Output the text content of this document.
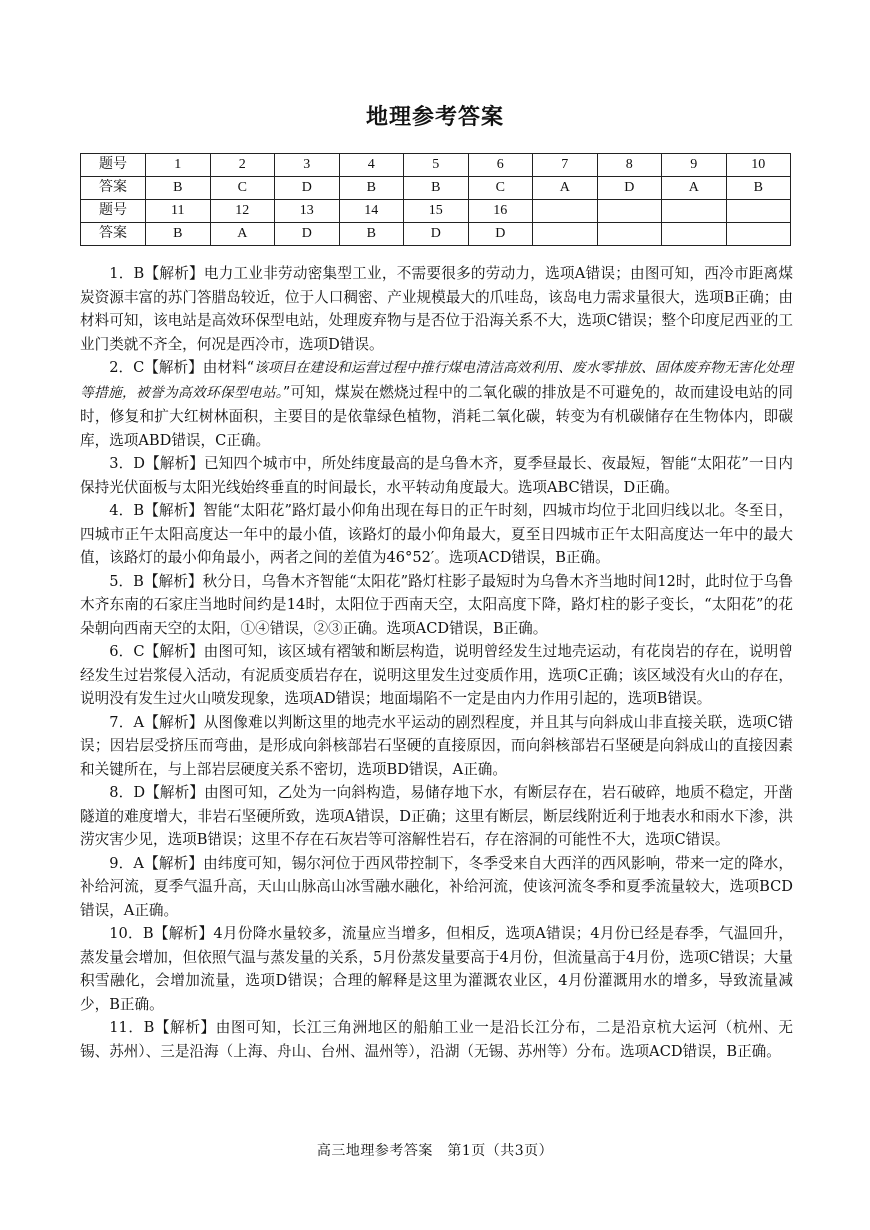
地理参考答案
题号	1	2	3	4	5	6	7	8	9	10
答案	B	C	D	B	B	C	A	D	A	B
题号	11	12	13	14	15	16				
答案	B	A	D	B	D	D				

1．B【解析】电力工业非劳动密集型工业，不需要很多的劳动力，选项A错误；由图可知，西冷市距离煤炭资源丰富的苏门答腊岛较近，位于人口稠密、产业规模最大的爪哇岛，该岛电力需求量很大，选项B正确；由材料可知，该电站是高效环保型电站，处理废弃物与是否位于沿海关系不大，选项C错误；整个印度尼西亚的工业门类就不齐全，何况是西冷市，选项D错误。

2．C【解析】由材料“该项目在建设和运营过程中推行煤电清洁高效利用、废水零排放、固体废弃物无害化处理等措施，被誉为高效环保型电站。”可知，煤炭在燃烧过程中的二氧化碳的排放是不可避免的，故而建设电站的同时，修复和扩大红树林面积，主要目的是依靠绿色植物，消耗二氧化碳，转变为有机碳储存在生物体内，即碳库，选项ABD错误，C正确。

3．D【解析】已知四个城市中，所处纬度最高的是乌鲁木齐，夏季昼最长、夜最短，智能“太阳花”一日内保持光伏面板与太阳光线始终垂直的时间最长，水平转动角度最大。选项ABC错误，D正确。

4．B【解析】智能“太阳花”路灯最小仰角出现在每日的正午时刻，四城市均位于北回归线以北。冬至日，四城市正午太阳高度达一年中的最小值，该路灯的最小仰角最大，夏至日四城市正午太阳高度达一年中的最大值，该路灯的最小仰角最小，两者之间的差值为46°52′。选项ACD错误，B正确。

5．B【解析】秋分日，乌鲁木齐智能“太阳花”路灯柱影子最短时为乌鲁木齐当地时间12时，此时位于乌鲁木齐东南的石家庄当地时间约是14时，太阳位于西南天空，太阳高度下降，路灯柱的影子变长，“太阳花”的花朵朝向西南天空的太阳，①④错误，②③正确。选项ACD错误，B正确。

6．C【解析】由图可知，该区域有褶皱和断层构造，说明曾经发生过地壳运动，有花岗岩的存在，说明曾经发生过岩浆侵入活动，有泥质变质岩存在，说明这里发生过变质作用，选项C正确；该区域没有火山的存在，说明没有发生过火山喷发现象，选项AD错误；地面塌陷不一定是由内力作用引起的，选项B错误。

7．A【解析】从图像难以判断这里的地壳水平运动的剧烈程度，并且其与向斜成山非直接关联，选项C错误；因岩层受挤压而弯曲，是形成向斜核部岩石坚硬的直接原因，而向斜核部岩石坚硬是向斜成山的直接因素和关键所在，与上部岩层硬度关系不密切，选项BD错误，A正确。

8．D【解析】由图可知，乙处为一向斜构造，易储存地下水，有断层存在，岩石破碎，地质不稳定，开凿隧道的难度增大，非岩石坚硬所致，选项A错误，D正确；这里有断层，断层线附近利于地表水和雨水下渗，洪涝灾害少见，选项B错误；这里不存在石灰岩等可溶解性岩石，存在溶洞的可能性不大，选项C错误。

9．A【解析】由纬度可知，锡尔河位于西风带控制下，冬季受来自大西洋的西风影响，带来一定的降水，补给河流，夏季气温升高，天山山脉高山冰雪融水融化，补给河流，使该河流冬季和夏季流量较大，选项BCD错误，A正确。

10．B【解析】4月份降水量较多，流量应当增多，但相反，选项A错误；4月份已经是春季，气温回升，蒸发量会增加，但依照气温与蒸发量的关系，5月份蒸发量要高于4月份，但流量高于4月份，选项C错误；大量积雪融化，会增加流量，选项D错误；合理的解释是这里为灌溉农业区，4月份灌溉用水的增多，导致流量减少，B正确。

11．B【解析】由图可知，长江三角洲地区的船舶工业一是沿长江分布，二是沿京杭大运河（杭州、无锡、苏州）、三是沿海（上海、舟山、台州、温州等），沿湖（无锡、苏州等）分布。选项ACD错误，B正确。

高三地理参考答案　第1页（共3页）
